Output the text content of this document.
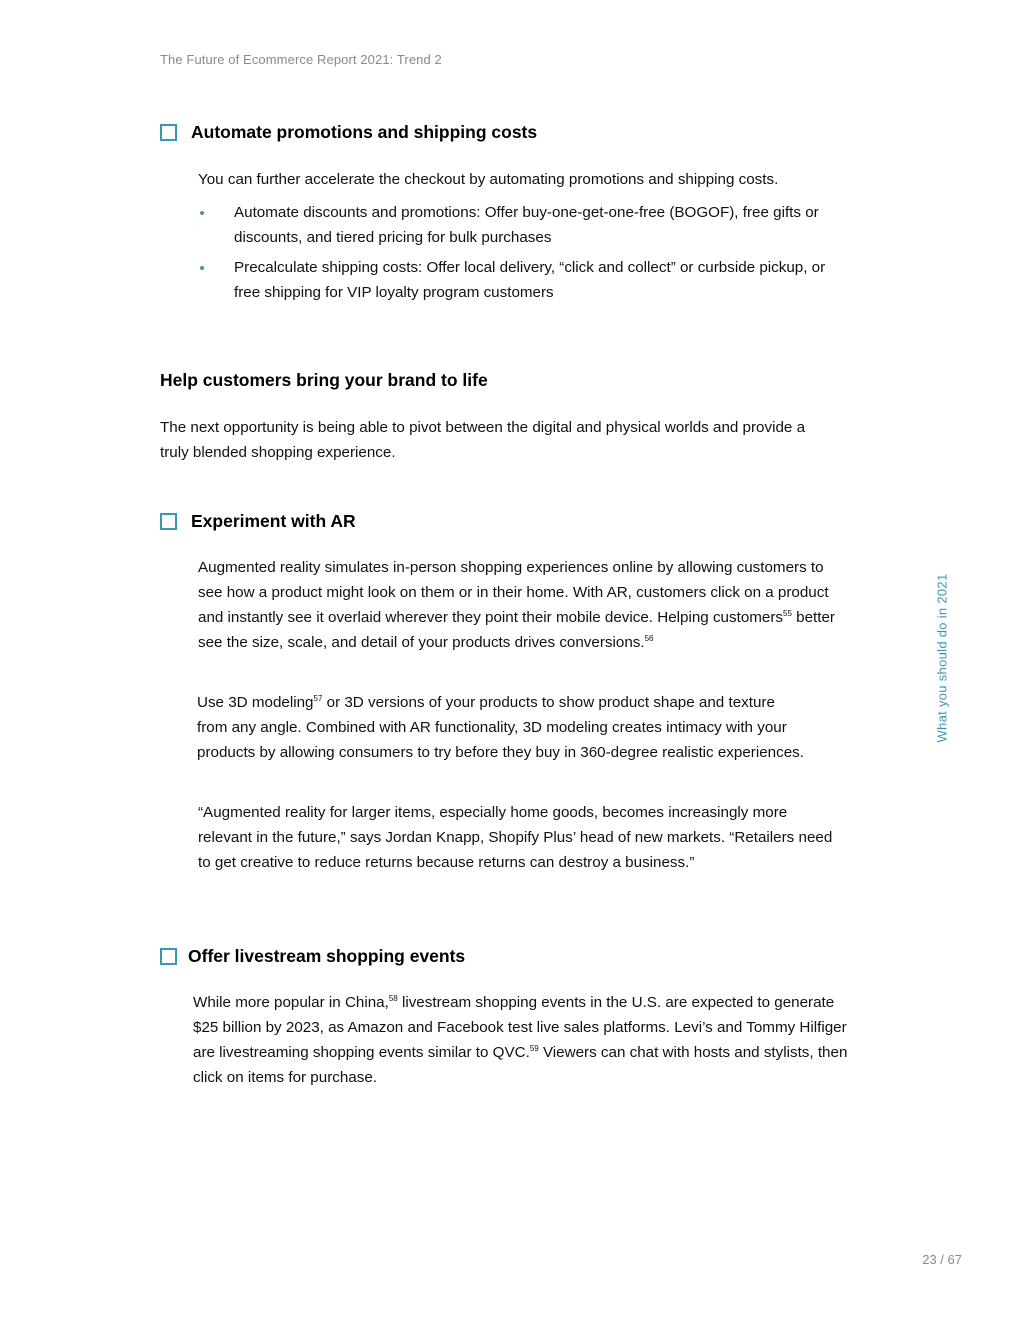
The Future of Ecommerce Report 2021: Trend 2
Automate promotions and shipping costs

You can further accelerate the checkout by automating promotions and shipping costs.

Automate discounts and promotions: Offer buy-one-get-one-free (BOGOF), free gifts or discounts, and tiered pricing for bulk purchases
Precalculate shipping costs: Offer local delivery, “click and collect” or curbside pickup, or free shipping for VIP loyalty program customers
Help customers bring your brand to life

The next opportunity is being able to pivot between the digital and physical worlds and provide a truly blended shopping experience.

Experiment with AR

Augmented reality simulates in-person shopping experiences online by allowing customers to see how a product might look on them or in their home. With AR, customers click on a product and instantly see it overlaid wherever they point their mobile device. Helping customers$^{55}$ better see the size, scale, and detail of your products drives conversions.$^{56}$

Use 3D modeling$^{57}$ or 3D versions of your products to show product shape and texture from any angle. Combined with AR functionality, 3D modeling creates intimacy with your products by allowing consumers to try before they buy in 360-degree realistic experiences.

“Augmented reality for larger items, especially home goods, becomes increasingly more relevant in the future,” says Jordan Knapp, Shopify Plus’ head of new markets. “Retailers need to get creative to reduce returns because returns can destroy a business.”

Offer livestream shopping events

While more popular in China,$^{58}$ livestream shopping events in the U.S. are expected to generate $25 billion by 2023, as Amazon and Facebook test live sales platforms. Levi’s and Tommy Hilfiger are livestreaming shopping events similar to QVC.$^{59}$ Viewers can chat with hosts and stylists, then click on items for purchase.

What you should do in 2021
23 / 67
